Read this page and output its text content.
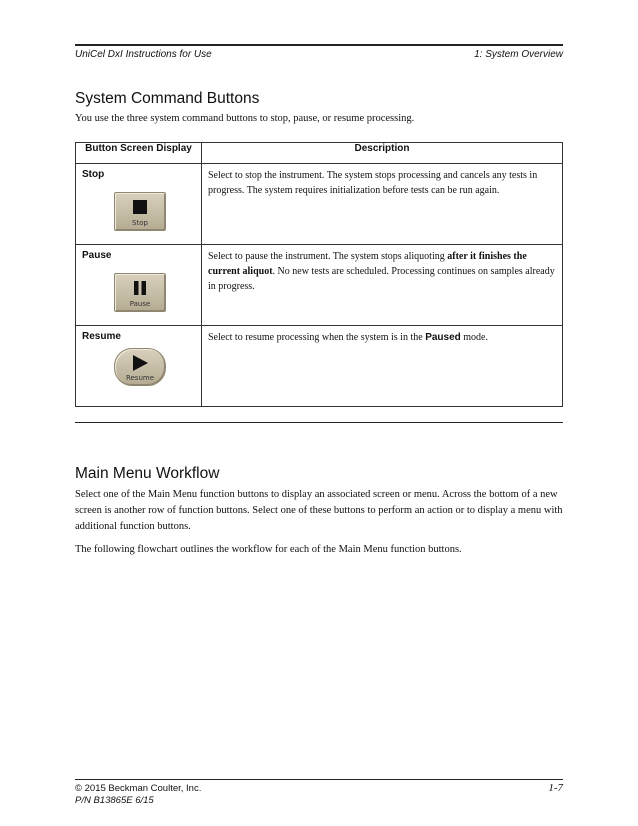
UniCel DxI Instructions for Use	1: System Overview
System Command Buttons

You use the three system command buttons to stop, pause, or resume processing.

Button Screen Display	Description

Stop
Stop	Select to stop the instrument. The system stops processing and cancels any tests in progress. The system requires initialization before tests can be run again.

Pause
Pause	Select to pause the instrument. The system stops aliquoting after it finishes the current aliquot. No new tests are scheduled. Processing continues on samples already in progress.

Resume
Resume	Select to resume processing when the system is in the Paused mode.
Main Menu Workflow

Select one of the Main Menu function buttons to display an associated screen or menu. Across the bottom of a new screen is another row of function buttons. Select one of these buttons to perform an action or to display a menu with additional function buttons.

The following flowchart outlines the workflow for each of the Main Menu function buttons.

© 2015 Beckman Coulter, Inc.
P/N B13865E 6/15
1-7
